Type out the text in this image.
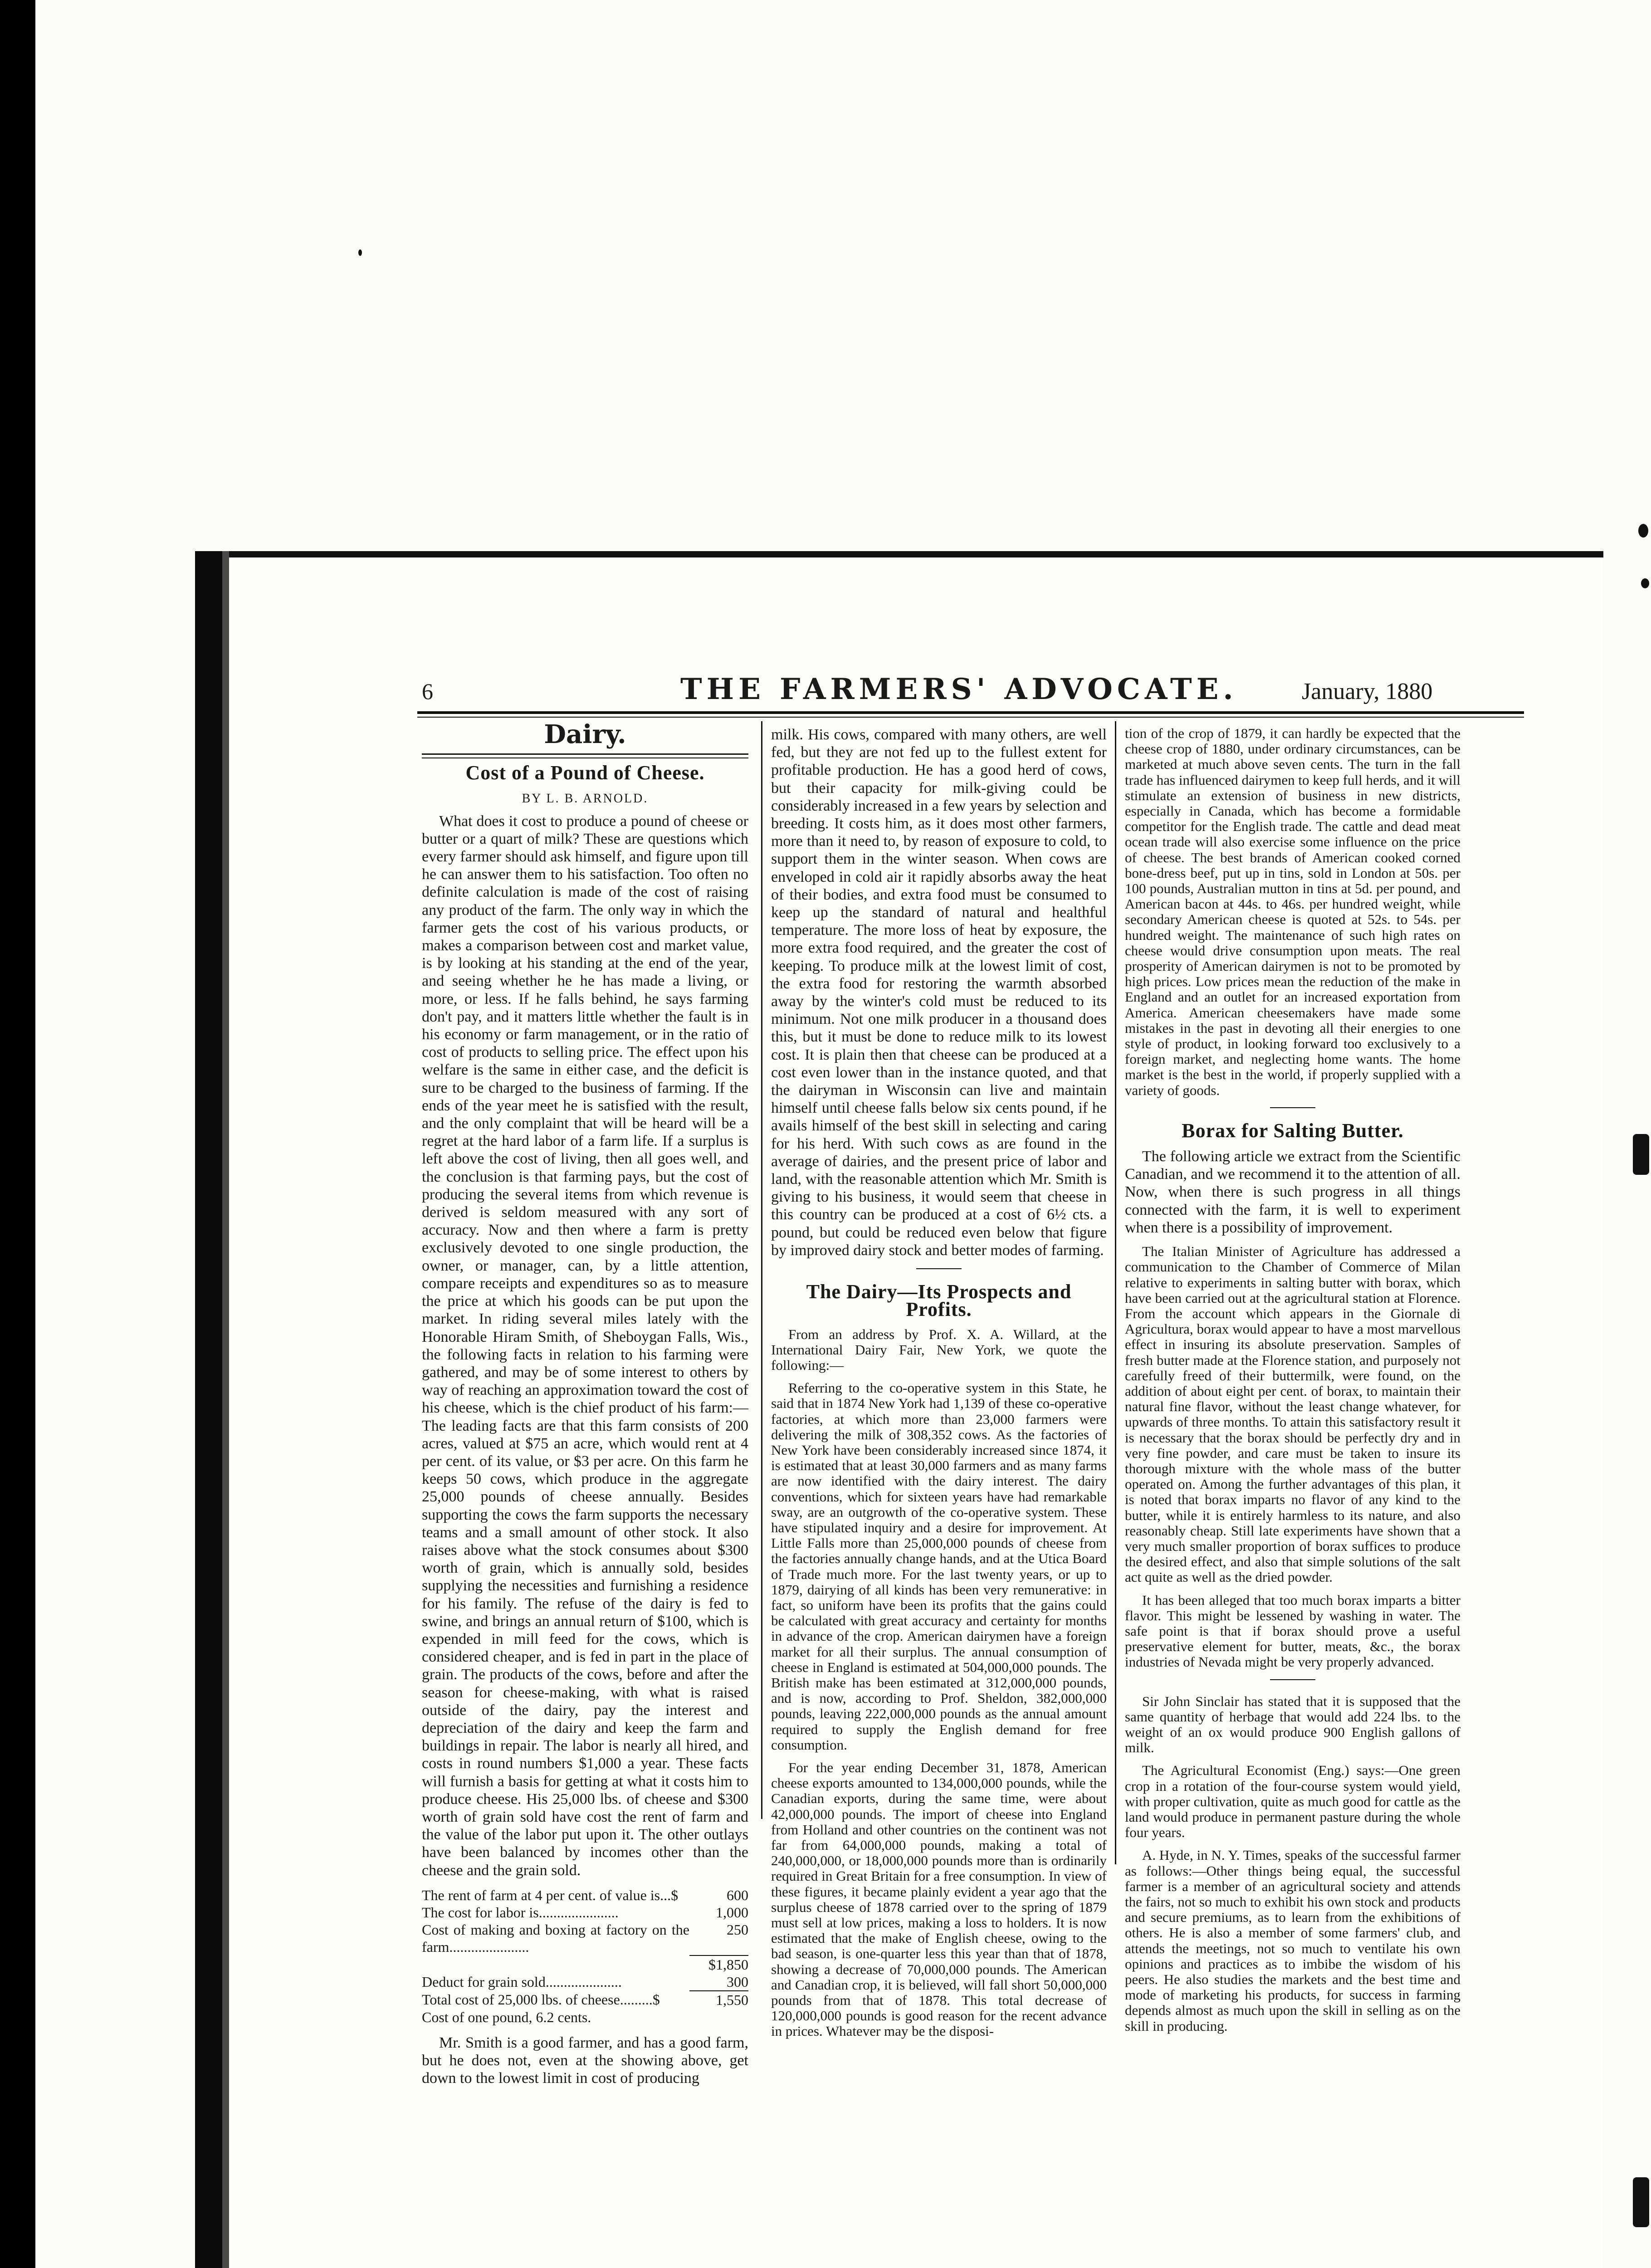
6	THE FARMERS' ADVOCATE.	January, 1880
Dairy.
Cost of a Pound of Cheese.
BY L. B. ARNOLD.

What does it cost to produce a pound of cheese or butter or a quart of milk? These are questions which every farmer should ask himself, and figure upon till he can answer them to his satisfaction. Too often no definite calculation is made of the cost of raising any product of the farm. The only way in which the farmer gets the cost of his various products, or makes a comparison between cost and market value, is by looking at his standing at the end of the year, and seeing whether he he has made a living, or more, or less. If he falls behind, he says farming don't pay, and it matters little whether the fault is in his economy or farm management, or in the ratio of cost of products to selling price. The effect upon his welfare is the same in either case, and the deficit is sure to be charged to the business of farming. If the ends of the year meet he is satisfied with the result, and the only complaint that will be heard will be a regret at the hard labor of a farm life. If a surplus is left above the cost of living, then all goes well, and the conclusion is that farming pays, but the cost of producing the several items from which revenue is derived is seldom measured with any sort of accuracy. Now and then where a farm is pretty exclusively devoted to one single production, the owner, or manager, can, by a little attention, compare receipts and expenditures so as to measure the price at which his goods can be put upon the market. In riding several miles lately with the Honorable Hiram Smith, of Sheboygan Falls, Wis., the following facts in relation to his farming were gathered, and may be of some interest to others by way of reaching an approximation toward the cost of his cheese, which is the chief product of his farm:—The leading facts are that this farm consists of 200 acres, valued at $75 an acre, which would rent at 4 per cent. of its value, or $3 per acre. On this farm he keeps 50 cows, which produce in the aggregate 25,000 pounds of cheese annually. Besides supporting the cows the farm supports the necessary teams and a small amount of other stock. It also raises above what the stock consumes about $300 worth of grain, which is annually sold, besides supplying the necessities and furnishing a residence for his family. The refuse of the dairy is fed to swine, and brings an annual return of $100, which is expended in mill feed for the cows, which is considered cheaper, and is fed in part in the place of grain. The products of the cows, before and after the season for cheese-making, with what is raised outside of the dairy, pay the interest and depreciation of the dairy and keep the farm and buildings in repair. The labor is nearly all hired, and costs in round numbers $1,000 a year. These facts will furnish a basis for getting at what it costs him to produce cheese. His 25,000 lbs. of cheese and $300 worth of grain sold have cost the rent of farm and the value of the labor put upon it. The other outlays have been balanced by incomes other than the cheese and the grain sold.

The rent of farm at 4 per cent. of value is...$	600
The cost for labor is......................	1,000
Cost of making and boxing at factory on the farm......................	250
	$1,850
Deduct for grain sold.....................	300
Total cost of 25,000 lbs. of cheese.........$	1,550
Cost of one pound, 6.2 cents.	

Mr. Smith is a good farmer, and has a good farm, but he does not, even at the showing above, get down to the lowest limit in cost of producing

milk. His cows, compared with many others, are well fed, but they are not fed up to the fullest extent for profitable production. He has a good herd of cows, but their capacity for milk-giving could be considerably increased in a few years by selection and breeding. It costs him, as it does most other farmers, more than it need to, by reason of exposure to cold, to support them in the winter season. When cows are enveloped in cold air it rapidly absorbs away the heat of their bodies, and extra food must be consumed to keep up the standard of natural and healthful temperature. The more loss of heat by exposure, the more extra food required, and the greater the cost of keeping. To produce milk at the lowest limit of cost, the extra food for restoring the warmth absorbed away by the winter's cold must be reduced to its minimum. Not one milk producer in a thousand does this, but it must be done to reduce milk to its lowest cost. It is plain then that cheese can be produced at a cost even lower than in the instance quoted, and that the dairyman in Wisconsin can live and maintain himself until cheese falls below six cents pound, if he avails himself of the best skill in selecting and caring for his herd. With such cows as are found in the average of dairies, and the present price of labor and land, with the reasonable attention which Mr. Smith is giving to his business, it would seem that cheese in this country can be produced at a cost of 6½ cts. a pound, but could be reduced even below that figure by improved dairy stock and better modes of farming.

The Dairy—Its Prospects and Profits.

From an address by Prof. X. A. Willard, at the International Dairy Fair, New York, we quote the following:—

Referring to the co-operative system in this State, he said that in 1874 New York had 1,139 of these co-operative factories, at which more than 23,000 farmers were delivering the milk of 308,352 cows. As the factories of New York have been considerably increased since 1874, it is estimated that at least 30,000 farmers and as many farms are now identified with the dairy interest. The dairy conventions, which for sixteen years have had remarkable sway, are an outgrowth of the co-operative system. These have stipulated inquiry and a desire for improvement. At Little Falls more than 25,000,000 pounds of cheese from the factories annually change hands, and at the Utica Board of Trade much more. For the last twenty years, or up to 1879, dairying of all kinds has been very remunerative: in fact, so uniform have been its profits that the gains could be calculated with great accuracy and certainty for months in advance of the crop. American dairymen have a foreign market for all their surplus. The annual consumption of cheese in England is estimated at 504,000,000 pounds. The British make has been estimated at 312,000,000 pounds, and is now, according to Prof. Sheldon, 382,000,000 pounds, leaving 222,000,000 pounds as the annual amount required to supply the English demand for free consumption.

For the year ending December 31, 1878, American cheese exports amounted to 134,000,000 pounds, while the Canadian exports, during the same time, were about 42,000,000 pounds. The import of cheese into England from Holland and other countries on the continent was not far from 64,000,000 pounds, making a total of 240,000,000, or 18,000,000 pounds more than is ordinarily required in Great Britain for a free consumption. In view of these figures, it became plainly evident a year ago that the surplus cheese of 1878 carried over to the spring of 1879 must sell at low prices, making a loss to holders. It is now estimated that the make of English cheese, owing to the bad season, is one-quarter less this year than that of 1878, showing a decrease of 70,000,000 pounds. The American and Canadian crop, it is believed, will fall short 50,000,000 pounds from that of 1878. This total decrease of 120,000,000 pounds is good reason for the recent advance in prices. Whatever may be the disposi-

tion of the crop of 1879, it can hardly be expected that the cheese crop of 1880, under ordinary circumstances, can be marketed at much above seven cents. The turn in the fall trade has influenced dairymen to keep full herds, and it will stimulate an extension of business in new districts, especially in Canada, which has become a formidable competitor for the English trade. The cattle and dead meat ocean trade will also exercise some influence on the price of cheese. The best brands of American cooked corned bone-dress beef, put up in tins, sold in London at 50s. per 100 pounds, Australian mutton in tins at 5d. per pound, and American bacon at 44s. to 46s. per hundred weight, while secondary American cheese is quoted at 52s. to 54s. per hundred weight. The maintenance of such high rates on cheese would drive consumption upon meats. The real prosperity of American dairymen is not to be promoted by high prices. Low prices mean the reduction of the make in England and an outlet for an increased exportation from America. American cheesemakers have made some mistakes in the past in devoting all their energies to one style of product, in looking forward too exclusively to a foreign market, and neglecting home wants. The home market is the best in the world, if properly supplied with a variety of goods.

Borax for Salting Butter.

The following article we extract from the Scientific Canadian, and we recommend it to the attention of all. Now, when there is such progress in all things connected with the farm, it is well to experiment when there is a possibility of improvement.

The Italian Minister of Agriculture has addressed a communication to the Chamber of Commerce of Milan relative to experiments in salting butter with borax, which have been carried out at the agricultural station at Florence. From the account which appears in the Giornale di Agricultura, borax would appear to have a most marvellous effect in insuring its absolute preservation. Samples of fresh butter made at the Florence station, and purposely not carefully freed of their buttermilk, were found, on the addition of about eight per cent. of borax, to maintain their natural fine flavor, without the least change whatever, for upwards of three months. To attain this satisfactory result it is necessary that the borax should be perfectly dry and in very fine powder, and care must be taken to insure its thorough mixture with the whole mass of the butter operated on. Among the further advantages of this plan, it is noted that borax imparts no flavor of any kind to the butter, while it is entirely harmless to its nature, and also reasonably cheap. Still late experiments have shown that a very much smaller proportion of borax suffices to produce the desired effect, and also that simple solutions of the salt act quite as well as the dried powder.

It has been alleged that too much borax imparts a bitter flavor. This might be lessened by washing in water. The safe point is that if borax should prove a useful preservative element for butter, meats, &c., the borax industries of Nevada might be very properly advanced.

Sir John Sinclair has stated that it is supposed that the same quantity of herbage that would add 224 lbs. to the weight of an ox would produce 900 English gallons of milk.

The Agricultural Economist (Eng.) says:—One green crop in a rotation of the four-course system would yield, with proper cultivation, quite as much good for cattle as the land would produce in permanent pasture during the whole four years.

A. Hyde, in N. Y. Times, speaks of the successful farmer as follows:—Other things being equal, the successful farmer is a member of an agricultural society and attends the fairs, not so much to exhibit his own stock and products and secure premiums, as to learn from the exhibitions of others. He is also a member of some farmers' club, and attends the meetings, not so much to ventilate his own opinions and practices as to imbibe the wisdom of his peers. He also studies the markets and the best time and mode of marketing his products, for success in farming depends almost as much upon the skill in selling as on the skill in producing.
